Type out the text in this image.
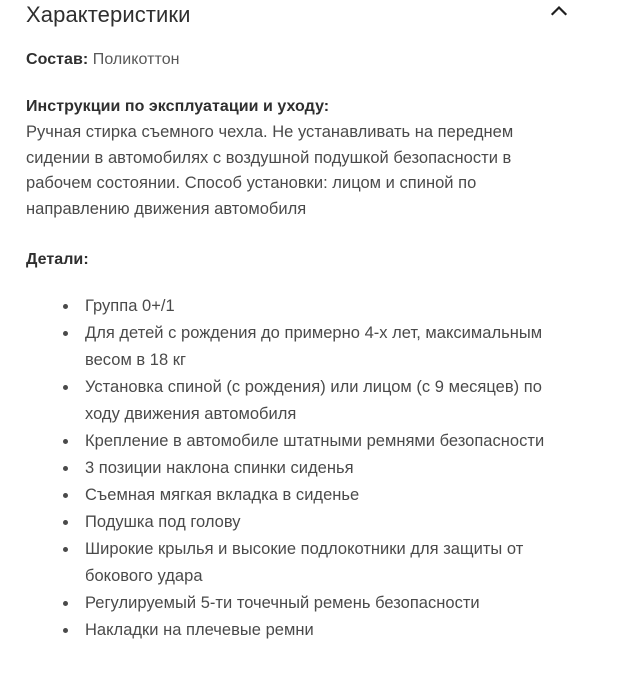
Характеристики
Состав: Поликоттон
Инструкции по эксплуатации и уходу:
Ручная стирка съемного чехла. Не устанавливать на переднем сидении в автомобилях с воздушной подушкой безопасности в рабочем состоянии. Способ установки: лицом и спиной по направлению движения автомобиля
Детали:
Группа 0+/1
Для детей с рождения до примерно 4-х лет, максимальным весом в 18 кг
Установка спиной (с рождения) или лицом (с 9 месяцев) по ходу движения автомобиля
Крепление в автомобиле штатными ремнями безопасности
3 позиции наклона спинки сиденья
Съемная мягкая вкладка в сиденье
Подушка под голову
Широкие крылья и высокие подлокотники для защиты от бокового удара
Регулируемый 5-ти точечный ремень безопасности
Накладки на плечевые ремни
